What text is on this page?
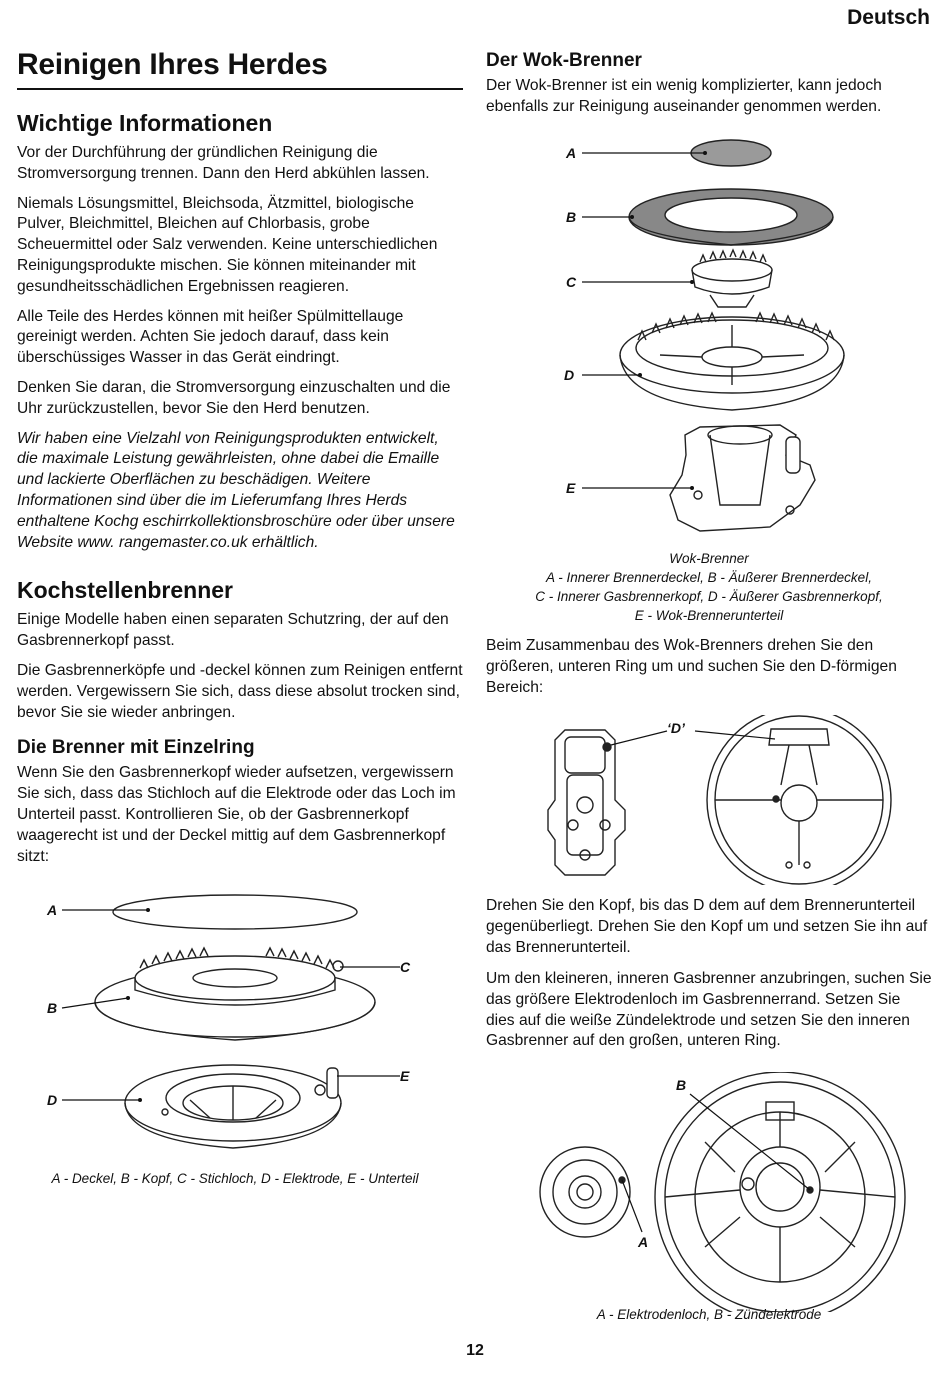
Deutsch
Reinigen Ihres Herdes
Wichtige Informationen

Vor der Durchführung der gründlichen Reinigung die Stromversorgung trennen. Dann den Herd abkühlen lassen.

Niemals Lösungsmittel, Bleichsoda, Ätzmittel, biologische Pulver, Bleichmittel, Bleichen auf Chlorbasis, grobe Scheuermittel oder Salz verwenden. Keine unterschiedlichen Reinigungsprodukte mischen. Sie können miteinander mit gesundheitsschädlichen Ergebnissen reagieren.

Alle Teile des Herdes können mit heißer Spülmittellauge gereinigt werden. Achten Sie jedoch darauf, dass kein überschüssiges Wasser in das Gerät eindringt.

Denken Sie daran, die Stromversorgung einzuschalten und die Uhr zurückzustellen, bevor Sie den Herd benutzen.

Wir haben eine Vielzahl von Reinigungsprodukten entwickelt, die maximale Leistung gewährleisten, ohne dabei die Emaille und lackierte Oberflächen zu beschädigen. Weitere Informationen sind über die im Lieferumfang Ihres Herds enthaltene Kochg eschirrkollektionsbroschüre oder über unsere Website www. rangemaster.co.uk erhältlich.

Kochstellenbrenner

Einige Modelle haben einen separaten Schutzring, der auf den Gasbrennerkopf passt.

Die Gasbrennerköpfe und -deckel können zum Reinigen entfernt werden. Vergewissern Sie sich, dass diese absolut trocken sind, bevor Sie sie wieder anbringen.

Die Brenner mit Einzelring

Wenn Sie den Gasbrennerkopf wieder aufsetzen, vergewissern Sie sich, dass das Stichloch auf die Elektrode oder das Loch im Unterteil passt. Kontrollieren Sie, ob der Gasbrennerkopf waagerecht ist und der Deckel mittig auf dem Gasbrennerkopf sitzt:

A
C
B
D
E
A - Deckel, B - Kopf, C - Stichloch, D - Elektrode, E - Unterteil
Der Wok-Brenner

Der Wok-Brenner ist ein wenig komplizierter, kann jedoch ebenfalls zur Reinigung auseinander genommen werden.

A
B
C
D
E
Wok-Brenner
A - Innerer Brennerdeckel, B - Äußerer Brennerdeckel,
C - Innerer Gasbrennerkopf, D - Äußerer Gasbrennerkopf,
E - Wok-Brennerunterteil

Beim Zusammenbau des Wok-Brenners drehen Sie den größeren, unteren Ring um und suchen Sie den D-förmigen Bereich:

‘D’

Drehen Sie den Kopf, bis das D dem auf dem Brennerunterteil gegenüberliegt. Drehen Sie den Kopf um und setzen Sie ihn auf das Brennerunterteil.

Um den kleineren, inneren Gasbrenner anzubringen, suchen Sie das größere Elektrodenloch im Gasbrennerrand. Setzen Sie dies auf die weiße Zündelektrode und setzen Sie den inneren Gasbrenner auf den großen, unteren Ring.

B
A
A - Elektrodenloch, B - Zündelektrode
12
